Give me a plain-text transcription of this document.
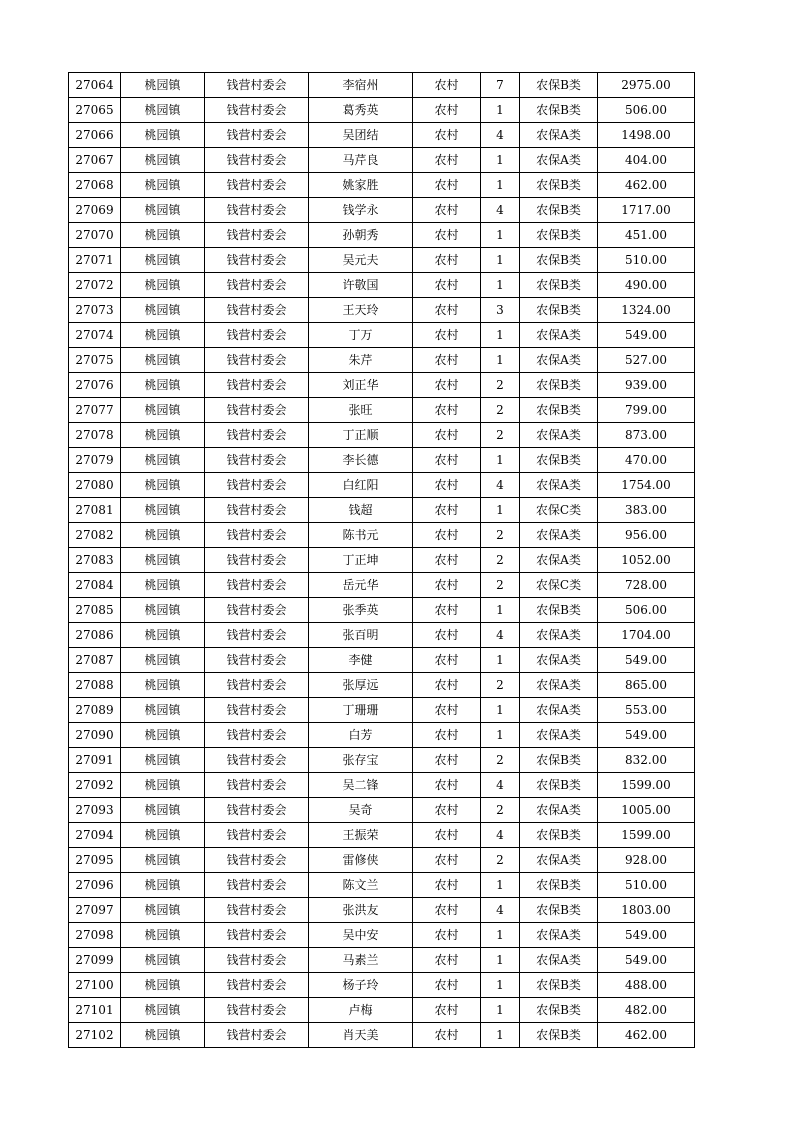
27064	桃园镇	钱营村委会	李宿州	农村	7	农保B类	2975.00
27065	桃园镇	钱营村委会	葛秀英	农村	1	农保B类	506.00
27066	桃园镇	钱营村委会	吴团结	农村	4	农保A类	1498.00
27067	桃园镇	钱营村委会	马芹良	农村	1	农保A类	404.00
27068	桃园镇	钱营村委会	姚家胜	农村	1	农保B类	462.00
27069	桃园镇	钱营村委会	钱学永	农村	4	农保B类	1717.00
27070	桃园镇	钱营村委会	孙朝秀	农村	1	农保B类	451.00
27071	桃园镇	钱营村委会	吴元夫	农村	1	农保B类	510.00
27072	桃园镇	钱营村委会	许敬国	农村	1	农保B类	490.00
27073	桃园镇	钱营村委会	王天玲	农村	3	农保B类	1324.00
27074	桃园镇	钱营村委会	丁万	农村	1	农保A类	549.00
27075	桃园镇	钱营村委会	朱芹	农村	1	农保A类	527.00
27076	桃园镇	钱营村委会	刘正华	农村	2	农保B类	939.00
27077	桃园镇	钱营村委会	张旺	农村	2	农保B类	799.00
27078	桃园镇	钱营村委会	丁正顺	农村	2	农保A类	873.00
27079	桃园镇	钱营村委会	李长德	农村	1	农保B类	470.00
27080	桃园镇	钱营村委会	白红阳	农村	4	农保A类	1754.00
27081	桃园镇	钱营村委会	钱超	农村	1	农保C类	383.00
27082	桃园镇	钱营村委会	陈书元	农村	2	农保A类	956.00
27083	桃园镇	钱营村委会	丁正坤	农村	2	农保A类	1052.00
27084	桃园镇	钱营村委会	岳元华	农村	2	农保C类	728.00
27085	桃园镇	钱营村委会	张季英	农村	1	农保B类	506.00
27086	桃园镇	钱营村委会	张百明	农村	4	农保A类	1704.00
27087	桃园镇	钱营村委会	李健	农村	1	农保A类	549.00
27088	桃园镇	钱营村委会	张厚远	农村	2	农保A类	865.00
27089	桃园镇	钱营村委会	丁珊珊	农村	1	农保A类	553.00
27090	桃园镇	钱营村委会	白芳	农村	1	农保A类	549.00
27091	桃园镇	钱营村委会	张存宝	农村	2	农保B类	832.00
27092	桃园镇	钱营村委会	吴二锋	农村	4	农保B类	1599.00
27093	桃园镇	钱营村委会	吴奇	农村	2	农保A类	1005.00
27094	桃园镇	钱营村委会	王振荣	农村	4	农保B类	1599.00
27095	桃园镇	钱营村委会	雷修侠	农村	2	农保A类	928.00
27096	桃园镇	钱营村委会	陈文兰	农村	1	农保B类	510.00
27097	桃园镇	钱营村委会	张洪友	农村	4	农保B类	1803.00
27098	桃园镇	钱营村委会	吴中安	农村	1	农保A类	549.00
27099	桃园镇	钱营村委会	马素兰	农村	1	农保A类	549.00
27100	桃园镇	钱营村委会	杨子玲	农村	1	农保B类	488.00
27101	桃园镇	钱营村委会	卢梅	农村	1	农保B类	482.00
27102	桃园镇	钱营村委会	肖天美	农村	1	农保B类	462.00
